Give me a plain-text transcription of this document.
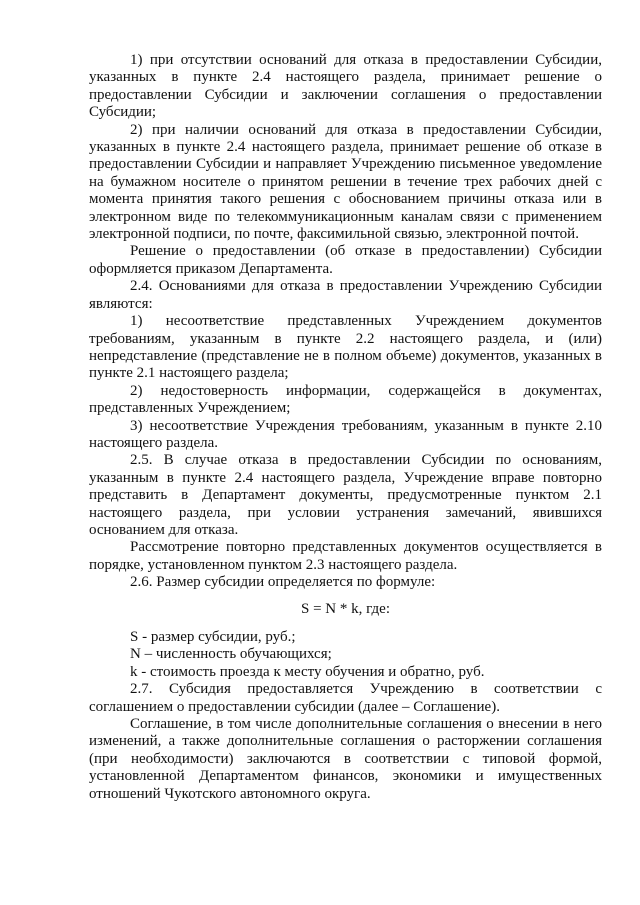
1) при отсутствии оснований для отказа в предоставлении Субсидии, указанных в пункте 2.4 настоящего раздела, принимает решение о предоставлении Субсидии и заключении соглашения о предоставлении Субсидии;

2) при наличии оснований для отказа в предоставлении Субсидии, указанных в пункте 2.4 настоящего раздела, принимает решение об отказе в предоставлении Субсидии и направляет Учреждению письменное уведомление на бумажном носителе о принятом решении в течение трех рабочих дней с момента принятия такого решения с обоснованием причины отказа или в электронном виде по телекоммуникационным каналам связи с применением электронной подписи, по почте, факсимильной связью, электронной почтой.

Решение о предоставлении (об отказе в предоставлении) Субсидии оформляется приказом Департамента.

2.4. Основаниями для отказа в предоставлении Учреждению Субсидии являются:

1) несоответствие представленных Учреждением документов требованиям, указанным в пункте 2.2 настоящего раздела, и (или) непредставление (представление не в полном объеме) документов, указанных в пункте 2.1 настоящего раздела;

2) недостоверность информации, содержащейся в документах, представленных Учреждением;

3) несоответствие Учреждения требованиям, указанным в пункте 2.10 настоящего раздела.

2.5. В случае отказа в предоставлении Субсидии по основаниям, указанным в пункте 2.4 настоящего раздела, Учреждение вправе повторно представить в Департамент документы, предусмотренные пунктом 2.1 настоящего раздела, при условии устранения замечаний, явившихся основанием для отказа.

Рассмотрение повторно представленных документов осуществляется в порядке, установленном пунктом 2.3 настоящего раздела.

2.6. Размер субсидии определяется по формуле:

S = N * k, где:

S - размер субсидии, руб.;

N – численность обучающихся;

k - стоимость проезда к месту обучения и обратно, руб.

2.7. Субсидия предоставляется Учреждению в соответствии с соглашением о предоставлении субсидии (далее – Соглашение).

Соглашение, в том числе дополнительные соглашения о внесении в него изменений, а также дополнительные соглашения о расторжении соглашения (при необходимости) заключаются в соответствии с типовой формой, установленной Департаментом финансов, экономики и имущественных отношений Чукотского автономного округа.
